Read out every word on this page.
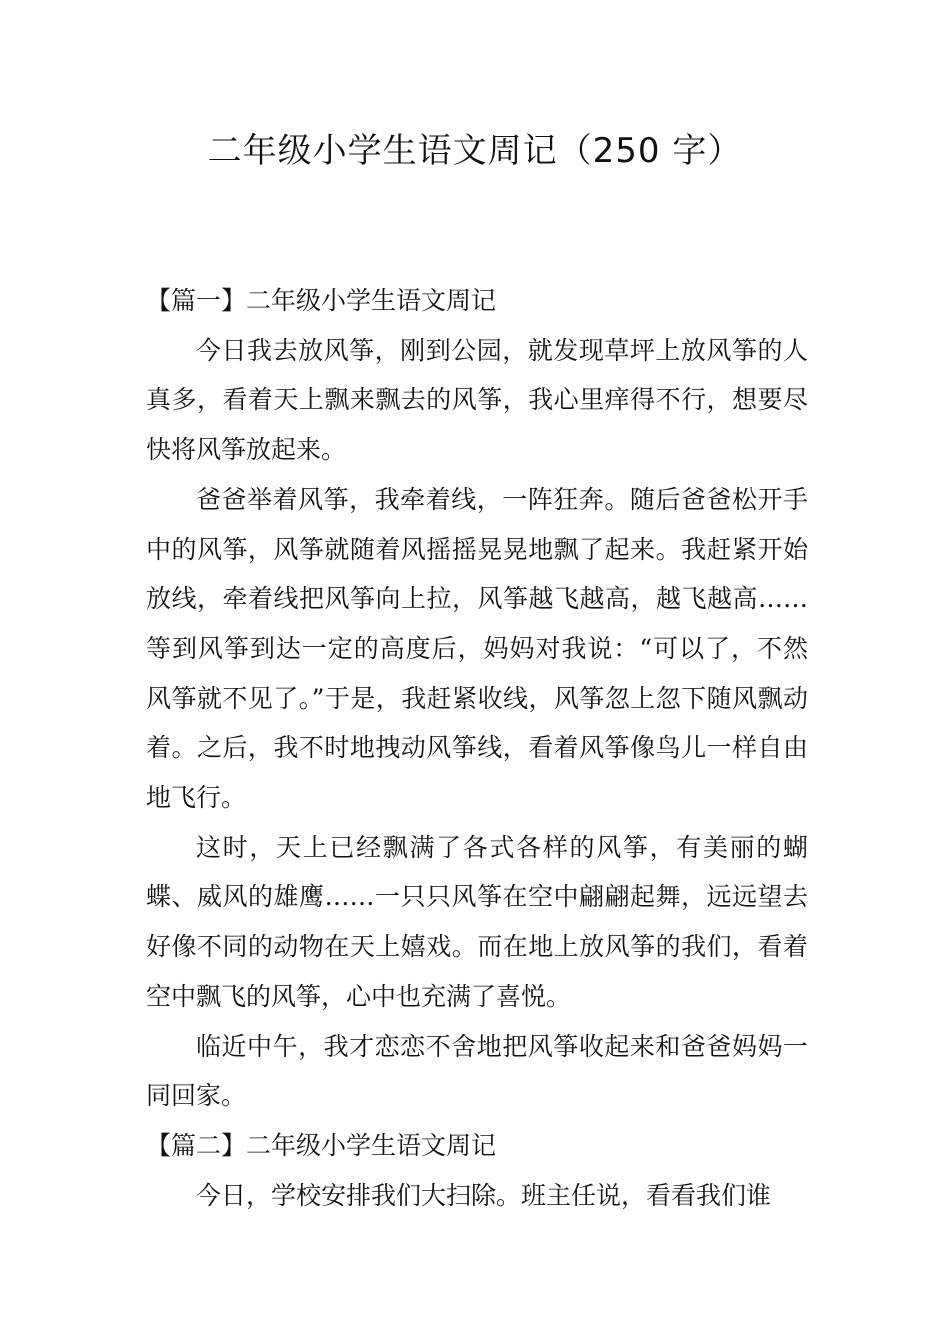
二年级小学生语文周记（250 字）
【篇一】二年级小学生语文周记

今日我去放风筝，刚到公园，就发现草坪上放风筝的人真多，看着天上飘来飘去的风筝，我心里痒得不行，想要尽快将风筝放起来。

爸爸举着风筝，我牵着线，一阵狂奔。随后爸爸松开手中的风筝，风筝就随着风摇摇晃晃地飘了起来。我赶紧开始放线，牵着线把风筝向上拉，风筝越飞越高，越飞越高……等到风筝到达一定的高度后，妈妈对我说：“可以了，不然风筝就不见了。”于是，我赶紧收线，风筝忽上忽下随风飘动着。之后，我不时地拽动风筝线，看着风筝像鸟儿一样自由地飞行。

这时，天上已经飘满了各式各样的风筝，有美丽的蝴蝶、威风的雄鹰……一只只风筝在空中翩翩起舞，远远望去好像不同的动物在天上嬉戏。而在地上放风筝的我们，看着空中飘飞的风筝，心中也充满了喜悦。

临近中午，我才恋恋不舍地把风筝收起来和爸爸妈妈一同回家。

【篇二】二年级小学生语文周记

今日，学校安排我们大扫除。班主任说，看看我们谁
